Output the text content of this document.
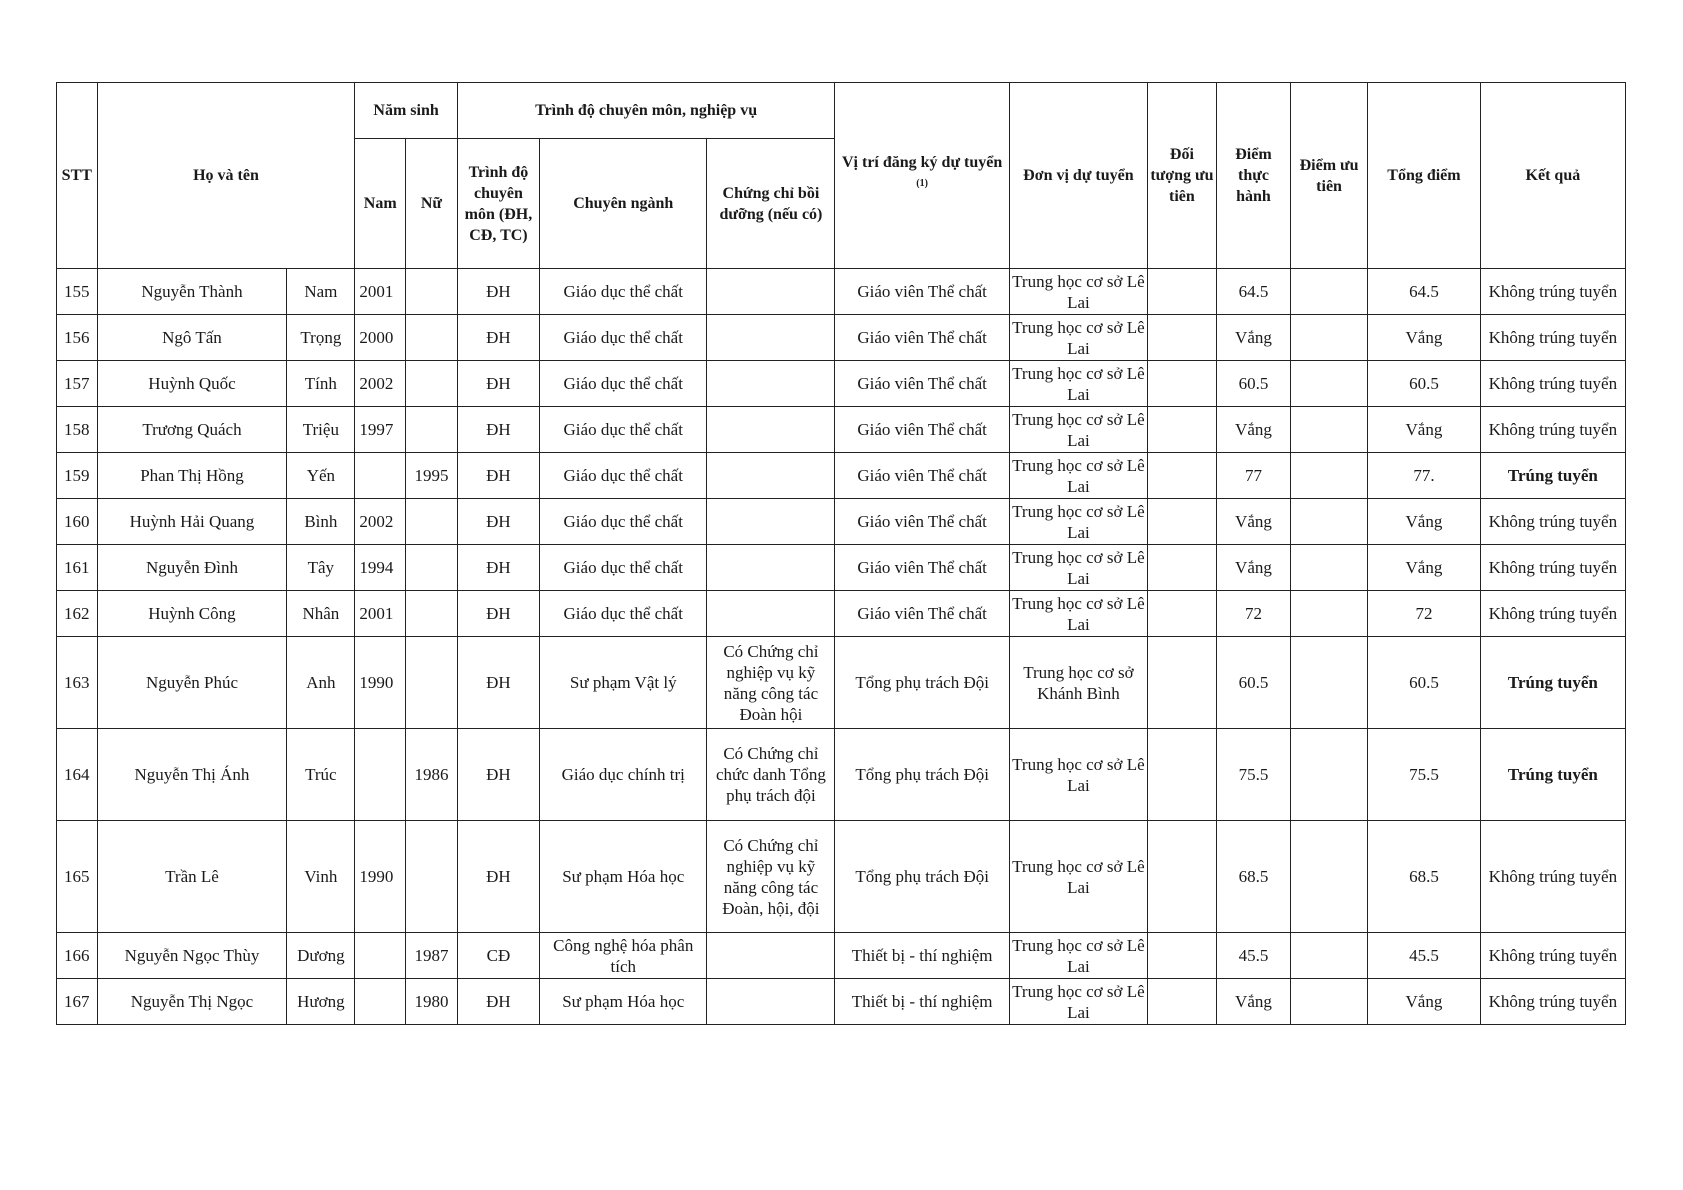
STT	Họ và tên		Năm sinh		Trình độ chuyên môn, nghiệp vụ			Vị trí đăng ký dự tuyển $^{(1)}$	Đơn vị dự tuyển	Đối tượng ưu tiên	Điểm thực hành	Điểm ưu tiên	Tổng điểm	Kết quả
			Nam	Nữ	Trình độ chuyên môn (ĐH, CĐ, TC)	Chuyên ngành	Chứng chỉ bồi dưỡng (nếu có)							
155	Nguyễn Thành	Nam	2001		ĐH	Giáo dục thể chất		Giáo viên Thể chất	Trung học cơ sở Lê Lai		64.5		64.5	Không trúng tuyển
156	Ngô Tấn	Trọng	2000		ĐH	Giáo dục thể chất		Giáo viên Thể chất	Trung học cơ sở Lê Lai		Vắng		Vắng	Không trúng tuyển
157	Huỳnh Quốc	Tính	2002		ĐH	Giáo dục thể chất		Giáo viên Thể chất	Trung học cơ sở Lê Lai		60.5		60.5	Không trúng tuyển
158	Trương Quách	Triệu	1997		ĐH	Giáo dục thể chất		Giáo viên Thể chất	Trung học cơ sở Lê Lai		Vắng		Vắng	Không trúng tuyển
159	Phan Thị Hồng	Yến		1995	ĐH	Giáo dục thể chất		Giáo viên Thể chất	Trung học cơ sở Lê Lai		77		77.	Trúng tuyển
160	Huỳnh Hải Quang	Bình	2002		ĐH	Giáo dục thể chất		Giáo viên Thể chất	Trung học cơ sở Lê Lai		Vắng		Vắng	Không trúng tuyển
161	Nguyễn Đình	Tây	1994		ĐH	Giáo dục thể chất		Giáo viên Thể chất	Trung học cơ sở Lê Lai		Vắng		Vắng	Không trúng tuyển
162	Huỳnh Công	Nhân	2001		ĐH	Giáo dục thể chất		Giáo viên Thể chất	Trung học cơ sở Lê Lai		72		72	Không trúng tuyển
163	Nguyễn Phúc	Anh	1990		ĐH	Sư phạm Vật lý	Có Chứng chỉ nghiệp vụ kỹ năng công tác Đoàn hội	Tổng phụ trách Đội	Trung học cơ sở Khánh Bình		60.5		60.5	Trúng tuyển
164	Nguyễn Thị Ánh	Trúc		1986	ĐH	Giáo dục chính trị	Có Chứng chỉ chức danh Tổng phụ trách đội	Tổng phụ trách Đội	Trung học cơ sở Lê Lai		75.5		75.5	Trúng tuyển
165	Trần Lê	Vinh	1990		ĐH	Sư phạm Hóa học	Có Chứng chỉ nghiệp vụ kỹ năng công tác Đoàn, hội, đội	Tổng phụ trách Đội	Trung học cơ sở Lê Lai		68.5		68.5	Không trúng tuyển
166	Nguyễn Ngọc Thùy	Dương		1987	CĐ	Công nghệ hóa phân tích		Thiết bị - thí nghiệm	Trung học cơ sở Lê Lai		45.5		45.5	Không trúng tuyển
167	Nguyễn Thị Ngọc	Hương		1980	ĐH	Sư phạm Hóa học		Thiết bị - thí nghiệm	Trung học cơ sở Lê Lai		Vắng		Vắng	Không trúng tuyển
